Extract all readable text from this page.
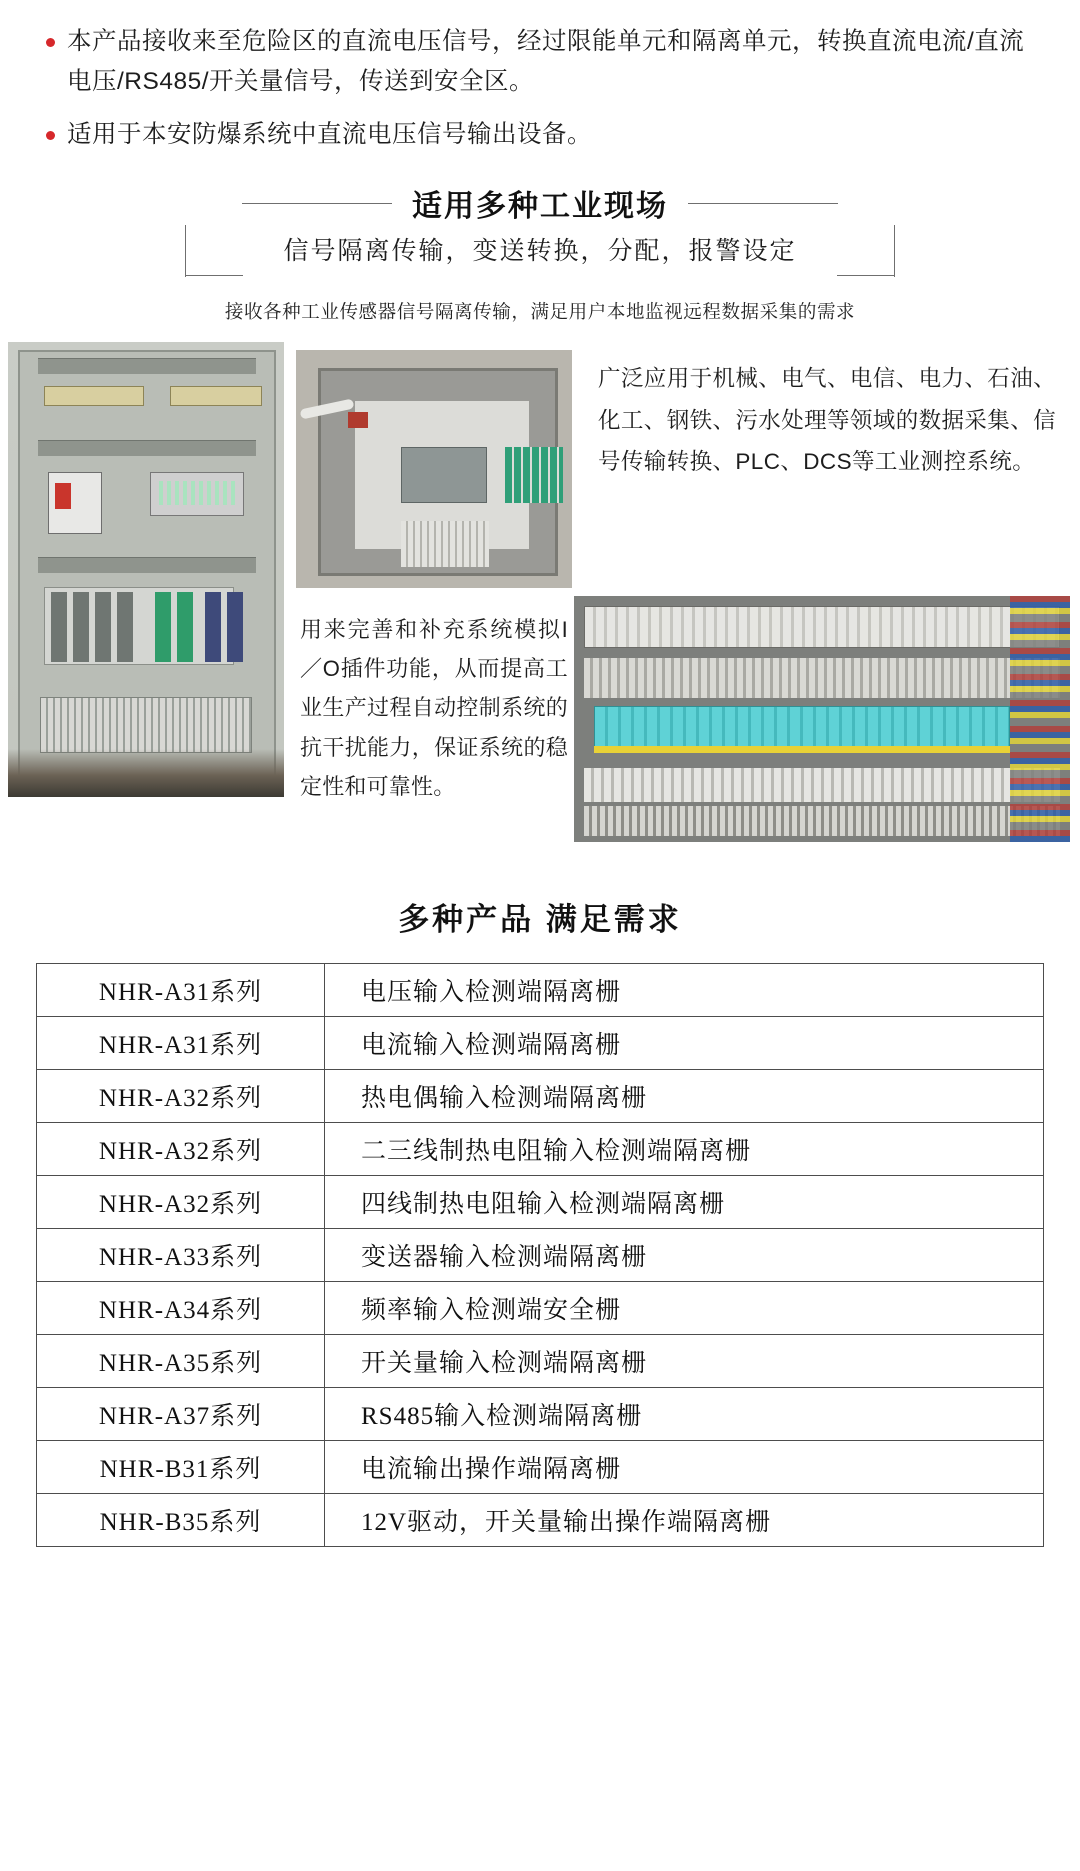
本产品接收来至危险区的直流电压信号，经过限能单元和隔离单元，转换直流电流/直流电压/RS485/开关量信号，传送到安全区。
适用于本安防爆系统中直流电压信号输出设备。
适用多种工业现场
信号隔离传输，变送转换，分配，报警设定
接收各种工业传感器信号隔离传输，满足用户本地监视远程数据采集的需求
广泛应用于机械、电气、电信、电力、石油、化工、钢铁、污水处理等领域的数据采集、信号传输转换、PLC、DCS等工业测控系统。
用来完善和补充系统模拟I／O插件功能，从而提高工业生产过程自动控制系统的抗干扰能力，保证系统的稳定性和可靠性。
多种产品 满足需求
NHR-A31系列	电压输入检测端隔离栅
NHR-A31系列	电流输入检测端隔离栅
NHR-A32系列	热电偶输入检测端隔离栅
NHR-A32系列	二三线制热电阻输入检测端隔离栅
NHR-A32系列	四线制热电阻输入检测端隔离栅
NHR-A33系列	变送器输入检测端隔离栅
NHR-A34系列	频率输入检测端安全栅
NHR-A35系列	开关量输入检测端隔离栅
NHR-A37系列	RS485输入检测端隔离栅
NHR-B31系列	电流输出操作端隔离栅
NHR-B35系列	12V驱动，开关量输出操作端隔离栅
